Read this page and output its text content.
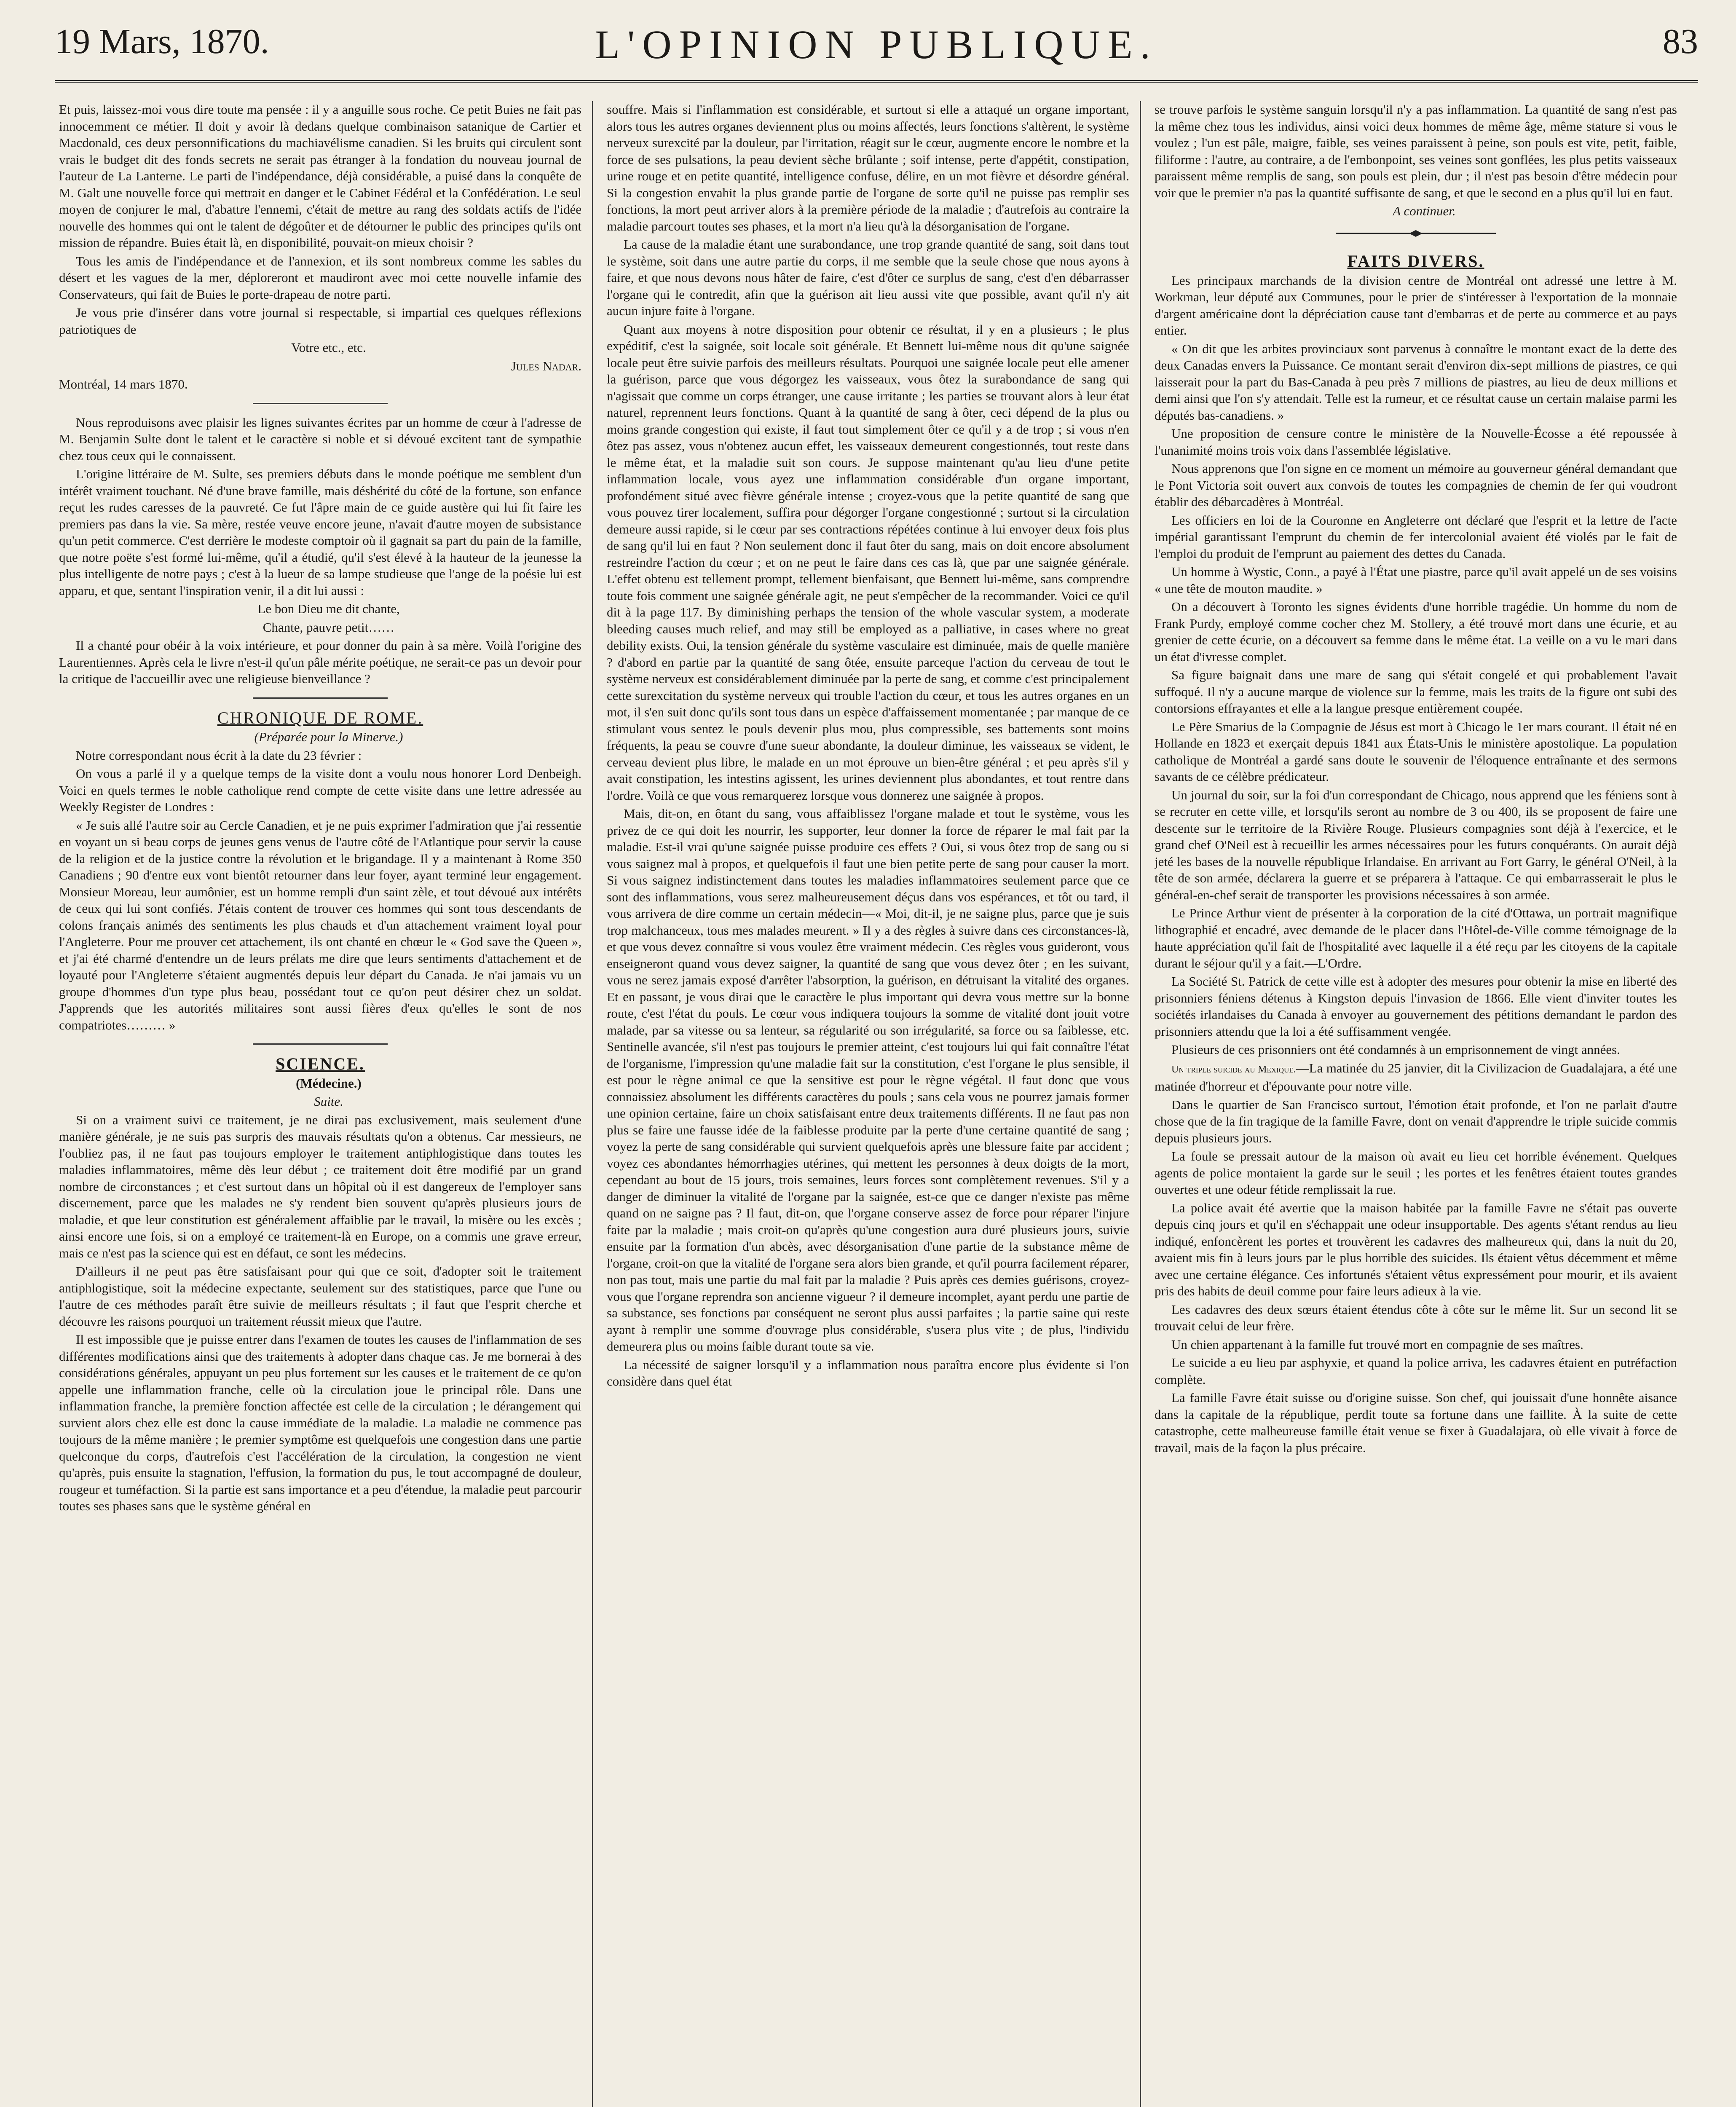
19 Mars, 1870.	L'OPINION PUBLIQUE.	83

Et puis, laissez-moi vous dire toute ma pensée : il y a anguille sous roche. Ce petit Buies ne fait pas innocemment ce métier. Il doit y avoir là dedans quelque combinaison satanique de Cartier et Macdonald, ces deux personnifications du machiavélisme canadien. Si les bruits qui circulent sont vrais le budget dit des fonds secrets ne serait pas étranger à la fondation du nouveau journal de l'auteur de La Lanterne. Le parti de l'indépendance, déjà considérable, a puisé dans la conquête de M. Galt une nouvelle force qui mettrait en danger et le Cabinet Fédéral et la Confédération. Le seul moyen de conjurer le mal, d'abattre l'ennemi, c'était de mettre au rang des soldats actifs de l'idée nouvelle des hommes qui ont le talent de dégoûter et de détourner le public des principes qu'ils ont mission de répandre. Buies était là, en disponibilité, pouvait-on mieux choisir ?

Tous les amis de l'indépendance et de l'annexion, et ils sont nombreux comme les sables du désert et les vagues de la mer, déploreront et maudiront avec moi cette nouvelle infamie des Conservateurs, qui fait de Buies le porte-drapeau de notre parti.

Je vous prie d'insérer dans votre journal si respectable, si impartial ces quelques réflexions patriotiques de

Votre etc., etc.

Jules Nadar.

Montréal, 14 mars 1870.

Nous reproduisons avec plaisir les lignes suivantes écrites par un homme de cœur à l'adresse de M. Benjamin Sulte dont le talent et le caractère si noble et si dévoué excitent tant de sympathie chez tous ceux qui le connaissent.

L'origine littéraire de M. Sulte, ses premiers débuts dans le monde poétique me semblent d'un intérêt vraiment touchant. Né d'une brave famille, mais déshérité du côté de la fortune, son enfance reçut les rudes caresses de la pauvreté. Ce fut l'âpre main de ce guide austère qui lui fit faire les premiers pas dans la vie. Sa mère, restée veuve encore jeune, n'avait d'autre moyen de subsistance qu'un petit commerce. C'est derrière le modeste comptoir où il gagnait sa part du pain de la famille, que notre poëte s'est formé lui-même, qu'il a étudié, qu'il s'est élevé à la hauteur de la jeunesse la plus intelligente de notre pays ; c'est à la lueur de sa lampe studieuse que l'ange de la poésie lui est apparu, et que, sentant l'inspiration venir, il a dit lui aussi :

Le bon Dieu me dit chante,

Chante, pauvre petit……

Il a chanté pour obéir à la voix intérieure, et pour donner du pain à sa mère. Voilà l'origine des Laurentiennes. Après cela le livre n'est-il qu'un pâle mérite poétique, ne serait-ce pas un devoir pour la critique de l'accueillir avec une religieuse bienveillance ?

CHRONIQUE DE ROME.

(Préparée pour la Minerve.)

Notre correspondant nous écrit à la date du 23 février :

On vous a parlé il y a quelque temps de la visite dont a voulu nous honorer Lord Denbeigh. Voici en quels termes le noble catholique rend compte de cette visite dans une lettre adressée au Weekly Register de Londres :

« Je suis allé l'autre soir au Cercle Canadien, et je ne puis exprimer l'admiration que j'ai ressentie en voyant un si beau corps de jeunes gens venus de l'autre côté de l'Atlantique pour servir la cause de la religion et de la justice contre la révolution et le brigandage. Il y a maintenant à Rome 350 Canadiens ; 90 d'entre eux vont bientôt retourner dans leur foyer, ayant terminé leur engagement. Monsieur Moreau, leur aumônier, est un homme rempli d'un saint zèle, et tout dévoué aux intérêts de ceux qui lui sont confiés. J'étais content de trouver ces hommes qui sont tous descendants de colons français animés des sentiments les plus chauds et d'un attachement vraiment loyal pour l'Angleterre. Pour me prouver cet attachement, ils ont chanté en chœur le « God save the Queen », et j'ai été charmé d'entendre un de leurs prélats me dire que leurs sentiments d'attachement et de loyauté pour l'Angleterre s'étaient augmentés depuis leur départ du Canada. Je n'ai jamais vu un groupe d'hommes d'un type plus beau, possédant tout ce qu'on peut désirer chez un soldat. J'apprends que les autorités militaires sont aussi fières d'eux qu'elles le sont de nos compatriotes……… »

SCIENCE.

(Médecine.)

Suite.

Si on a vraiment suivi ce traitement, je ne dirai pas exclusivement, mais seulement d'une manière générale, je ne suis pas surpris des mauvais résultats qu'on a obtenus. Car messieurs, ne l'oubliez pas, il ne faut pas toujours employer le traitement antiphlogistique dans toutes les maladies inflammatoires, même dès leur début ; ce traitement doit être modifié par un grand nombre de circonstances ; et c'est surtout dans un hôpital où il est dangereux de l'employer sans discernement, parce que les malades ne s'y rendent bien souvent qu'après plusieurs jours de maladie, et que leur constitution est généralement affaiblie par le travail, la misère ou les excès ; ainsi encore une fois, si on a employé ce traitement-là en Europe, on a commis une grave erreur, mais ce n'est pas la science qui est en défaut, ce sont les médecins.

D'ailleurs il ne peut pas être satisfaisant pour qui que ce soit, d'adopter soit le traitement antiphlogistique, soit la médecine expectante, seulement sur des statistiques, parce que l'une ou l'autre de ces méthodes paraît être suivie de meilleurs résultats ; il faut que l'esprit cherche et découvre les raisons pourquoi un traitement réussit mieux que l'autre.

Il est impossible que je puisse entrer dans l'examen de toutes les causes de l'inflammation de ses différentes modifications ainsi que des traitements à adopter dans chaque cas. Je me bornerai à des considérations générales, appuyant un peu plus fortement sur les causes et le traitement de ce qu'on appelle une inflammation franche, celle où la circulation joue le principal rôle. Dans une inflammation franche, la première fonction affectée est celle de la circulation ; le dérangement qui survient alors chez elle est donc la cause immédiate de la maladie. La maladie ne commence pas toujours de la même manière ; le premier symptôme est quelquefois une congestion dans une partie quelconque du corps, d'autrefois c'est l'accélération de la circulation, la congestion ne vient qu'après, puis ensuite la stagnation, l'effusion, la formation du pus, le tout accompagné de douleur, rougeur et tuméfaction. Si la partie est sans importance et a peu d'étendue, la maladie peut parcourir toutes ses phases sans que le système général en

souffre. Mais si l'inflammation est considérable, et surtout si elle a attaqué un organe important, alors tous les autres organes deviennent plus ou moins affectés, leurs fonctions s'altèrent, le système nerveux surexcité par la douleur, par l'irritation, réagit sur le cœur, augmente encore le nombre et la force de ses pulsations, la peau devient sèche brûlante ; soif intense, perte d'appétit, constipation, urine rouge et en petite quantité, intelligence confuse, délire, en un mot fièvre et désordre général. Si la congestion envahit la plus grande partie de l'organe de sorte qu'il ne puisse pas remplir ses fonctions, la mort peut arriver alors à la première période de la maladie ; d'autrefois au contraire la maladie parcourt toutes ses phases, et la mort n'a lieu qu'à la désorganisation de l'organe.

La cause de la maladie étant une surabondance, une trop grande quantité de sang, soit dans tout le système, soit dans une autre partie du corps, il me semble que la seule chose que nous ayons à faire, et que nous devons nous hâter de faire, c'est d'ôter ce surplus de sang, c'est d'en débarrasser l'organe qui le contredit, afin que la guérison ait lieu aussi vite que possible, avant qu'il n'y ait aucun injure faite à l'organe.

Quant aux moyens à notre disposition pour obtenir ce résultat, il y en a plusieurs ; le plus expéditif, c'est la saignée, soit locale soit générale. Et Bennett lui-même nous dit qu'une saignée locale peut être suivie parfois des meilleurs résultats. Pourquoi une saignée locale peut elle amener la guérison, parce que vous dégorgez les vaisseaux, vous ôtez la surabondance de sang qui n'agissait que comme un corps étranger, une cause irritante ; les parties se trouvant alors à leur état naturel, reprennent leurs fonctions. Quant à la quantité de sang à ôter, ceci dépend de la plus ou moins grande congestion qui existe, il faut tout simplement ôter ce qu'il y a de trop ; si vous n'en ôtez pas assez, vous n'obtenez aucun effet, les vaisseaux demeurent congestionnés, tout reste dans le même état, et la maladie suit son cours. Je suppose maintenant qu'au lieu d'une petite inflammation locale, vous ayez une inflammation considérable d'un organe important, profondément situé avec fièvre générale intense ; croyez-vous que la petite quantité de sang que vous pouvez tirer localement, suffira pour dégorger l'organe congestionné ; surtout si la circulation demeure aussi rapide, si le cœur par ses contractions répétées continue à lui envoyer deux fois plus de sang qu'il lui en faut ? Non seulement donc il faut ôter du sang, mais on doit encore absolument restreindre l'action du cœur ; et on ne peut le faire dans ces cas là, que par une saignée générale. L'effet obtenu est tellement prompt, tellement bienfaisant, que Bennett lui-même, sans comprendre toute fois comment une saignée générale agit, ne peut s'empêcher de la recommander. Voici ce qu'il dit à la page 117. By diminishing perhaps the tension of the whole vascular system, a moderate bleeding causes much relief, and may still be employed as a palliative, in cases where no great debility exists. Oui, la tension générale du système vasculaire est diminuée, mais de quelle manière ? d'abord en partie par la quantité de sang ôtée, ensuite parceque l'action du cerveau de tout le système nerveux est considérablement diminuée par la perte de sang, et comme c'est principalement cette surexcitation du système nerveux qui trouble l'action du cœur, et tous les autres organes en un mot, il s'en suit donc qu'ils sont tous dans un espèce d'affaissement momentanée ; par manque de ce stimulant vous sentez le pouls devenir plus mou, plus compressible, ses battements sont moins fréquents, la peau se couvre d'une sueur abondante, la douleur diminue, les vaisseaux se vident, le cerveau devient plus libre, le malade en un mot éprouve un bien-être général ; et peu après s'il y avait constipation, les intestins agissent, les urines deviennent plus abondantes, et tout rentre dans l'ordre. Voilà ce que vous remarquerez lorsque vous donnerez une saignée à propos.

Mais, dit-on, en ôtant du sang, vous affaiblissez l'organe malade et tout le système, vous les privez de ce qui doit les nourrir, les supporter, leur donner la force de réparer le mal fait par la maladie. Est-il vrai qu'une saignée puisse produire ces effets ? Oui, si vous ôtez trop de sang ou si vous saignez mal à propos, et quelquefois il faut une bien petite perte de sang pour causer la mort. Si vous saignez indistinctement dans toutes les maladies inflammatoires seulement parce que ce sont des inflammations, vous serez malheureusement déçus dans vos espérances, et tôt ou tard, il vous arrivera de dire comme un certain médecin—« Moi, dit-il, je ne saigne plus, parce que je suis trop malchanceux, tous mes malades meurent. » Il y a des règles à suivre dans ces circonstances-là, et que vous devez connaître si vous voulez être vraiment médecin. Ces règles vous guideront, vous enseigneront quand vous devez saigner, la quantité de sang que vous devez ôter ; en les suivant, vous ne serez jamais exposé d'arrêter l'absorption, la guérison, en détruisant la vitalité des organes. Et en passant, je vous dirai que le caractère le plus important qui devra vous mettre sur la bonne route, c'est l'état du pouls. Le cœur vous indiquera toujours la somme de vitalité dont jouit votre malade, par sa vitesse ou sa lenteur, sa régularité ou son irrégularité, sa force ou sa faiblesse, etc. Sentinelle avancée, s'il n'est pas toujours le premier atteint, c'est toujours lui qui fait connaître l'état de l'organisme, l'impression qu'une maladie fait sur la constitution, c'est l'organe le plus sensible, il est pour le règne animal ce que la sensitive est pour le règne végétal. Il faut donc que vous connaissiez absolument les différents caractères du pouls ; sans cela vous ne pourrez jamais former une opinion certaine, faire un choix satisfaisant entre deux traitements différents. Il ne faut pas non plus se faire une fausse idée de la faiblesse produite par la perte d'une certaine quantité de sang ; voyez la perte de sang considérable qui survient quelquefois après une blessure faite par accident ; voyez ces abondantes hémorrhagies utérines, qui mettent les personnes à deux doigts de la mort, cependant au bout de 15 jours, trois semaines, leurs forces sont complètement revenues. S'il y a danger de diminuer la vitalité de l'organe par la saignée, est-ce que ce danger n'existe pas même quand on ne saigne pas ? Il faut, dit-on, que l'organe conserve assez de force pour réparer l'injure faite par la maladie ; mais croit-on qu'après qu'une congestion aura duré plusieurs jours, suivie ensuite par la formation d'un abcès, avec désorganisation d'une partie de la substance même de l'organe, croit-on que la vitalité de l'organe sera alors bien grande, et qu'il pourra facilement réparer, non pas tout, mais une partie du mal fait par la maladie ? Puis après ces demies guérisons, croyez-vous que l'organe reprendra son ancienne vigueur ? il demeure incomplet, ayant perdu une partie de sa substance, ses fonctions par conséquent ne seront plus aussi parfaites ; la partie saine qui reste ayant à remplir une somme d'ouvrage plus considérable, s'usera plus vite ; de plus, l'individu demeurera plus ou moins faible durant toute sa vie.

La nécessité de saigner lorsqu'il y a inflammation nous paraîtra encore plus évidente si l'on considère dans quel état

se trouve parfois le système sanguin lorsqu'il n'y a pas inflammation. La quantité de sang n'est pas la même chez tous les individus, ainsi voici deux hommes de même âge, même stature si vous le voulez ; l'un est pâle, maigre, faible, ses veines paraissent à peine, son pouls est vite, petit, faible, filiforme : l'autre, au contraire, a de l'embonpoint, ses veines sont gonflées, les plus petits vaisseaux paraissent même remplis de sang, son pouls est plein, dur ; il n'est pas besoin d'être médecin pour voir que le premier n'a pas la quantité suffisante de sang, et que le second en a plus qu'il lui en faut.

A continuer.

FAITS DIVERS.

Les principaux marchands de la division centre de Montréal ont adressé une lettre à M. Workman, leur député aux Communes, pour le prier de s'intéresser à l'exportation de la monnaie d'argent américaine dont la dépréciation cause tant d'embarras et de perte au commerce et au pays entier.

« On dit que les arbites provinciaux sont parvenus à connaître le montant exact de la dette des deux Canadas envers la Puissance. Ce montant serait d'environ dix-sept millions de piastres, ce qui laisserait pour la part du Bas-Canada à peu près 7 millions de piastres, au lieu de deux millions et demi ainsi que l'on s'y attendait. Telle est la rumeur, et ce résultat cause un certain malaise parmi les députés bas-canadiens. »

Une proposition de censure contre le ministère de la Nouvelle-Écosse a été repoussée à l'unanimité moins trois voix dans l'assemblée législative.

Nous apprenons que l'on signe en ce moment un mémoire au gouverneur général demandant que le Pont Victoria soit ouvert aux convois de toutes les compagnies de chemin de fer qui voudront établir des débarcadères à Montréal.

Les officiers en loi de la Couronne en Angleterre ont déclaré que l'esprit et la lettre de l'acte impérial garantissant l'emprunt du chemin de fer intercolonial avaient été violés par le fait de l'emploi du produit de l'emprunt au paiement des dettes du Canada.

Un homme à Wystic, Conn., a payé à l'État une piastre, parce qu'il avait appelé un de ses voisins « une tête de mouton maudite. »

On a découvert à Toronto les signes évidents d'une horrible tragédie. Un homme du nom de Frank Purdy, employé comme cocher chez M. Stollery, a été trouvé mort dans une écurie, et au grenier de cette écurie, on a découvert sa femme dans le même état. La veille on a vu le mari dans un état d'ivresse complet.

Sa figure baignait dans une mare de sang qui s'était congelé et qui probablement l'avait suffoqué. Il n'y a aucune marque de violence sur la femme, mais les traits de la figure ont subi des contorsions effrayantes et elle a la langue presque entièrement coupée.

Le Père Smarius de la Compagnie de Jésus est mort à Chicago le 1er mars courant. Il était né en Hollande en 1823 et exerçait depuis 1841 aux États-Unis le ministère apostolique. La population catholique de Montréal a gardé sans doute le souvenir de l'éloquence entraînante et des sermons savants de ce célèbre prédicateur.

Un journal du soir, sur la foi d'un correspondant de Chicago, nous apprend que les féniens sont à se recruter en cette ville, et lorsqu'ils seront au nombre de 3 ou 400, ils se proposent de faire une descente sur le territoire de la Rivière Rouge. Plusieurs compagnies sont déjà à l'exercice, et le grand chef O'Neil est à recueillir les armes nécessaires pour les futurs conquérants. On aurait déjà jeté les bases de la nouvelle république Irlandaise. En arrivant au Fort Garry, le général O'Neil, à la tête de son armée, déclarera la guerre et se préparera à l'attaque. Ce qui embarrasserait le plus le général-en-chef serait de transporter les provisions nécessaires à son armée.

Le Prince Arthur vient de présenter à la corporation de la cité d'Ottawa, un portrait magnifique lithographié et encadré, avec demande de le placer dans l'Hôtel-de-Ville comme témoignage de la haute appréciation qu'il fait de l'hospitalité avec laquelle il a été reçu par les citoyens de la capitale durant le séjour qu'il y a fait.—L'Ordre.

La Société St. Patrick de cette ville est à adopter des mesures pour obtenir la mise en liberté des prisonniers féniens détenus à Kingston depuis l'invasion de 1866. Elle vient d'inviter toutes les sociétés irlandaises du Canada à envoyer au gouvernement des pétitions demandant le pardon des prisonniers attendu que la loi a été suffisamment vengée.

Plusieurs de ces prisonniers ont été condamnés à un emprisonnement de vingt années.

Un triple suicide au Mexique.—La matinée du 25 janvier, dit la Civilizacion de Guadalajara, a été une matinée d'horreur et d'épouvante pour notre ville.

Dans le quartier de San Francisco surtout, l'émotion était profonde, et l'on ne parlait d'autre chose que de la fin tragique de la famille Favre, dont on venait d'apprendre le triple suicide commis depuis plusieurs jours.

La foule se pressait autour de la maison où avait eu lieu cet horrible événement. Quelques agents de police montaient la garde sur le seuil ; les portes et les fenêtres étaient toutes grandes ouvertes et une odeur fétide remplissait la rue.

La police avait été avertie que la maison habitée par la famille Favre ne s'était pas ouverte depuis cinq jours et qu'il en s'échappait une odeur insupportable. Des agents s'étant rendus au lieu indiqué, enfoncèrent les portes et trouvèrent les cadavres des malheureux qui, dans la nuit du 20, avaient mis fin à leurs jours par le plus horrible des suicides. Ils étaient vêtus décemment et même avec une certaine élégance. Ces infortunés s'étaient vêtus expressément pour mourir, et ils avaient pris des habits de deuil comme pour faire leurs adieux à la vie.

Les cadavres des deux sœurs étaient étendus côte à côte sur le même lit. Sur un second lit se trouvait celui de leur frère.

Un chien appartenant à la famille fut trouvé mort en compagnie de ses maîtres.

Le suicide a eu lieu par asphyxie, et quand la police arriva, les cadavres étaient en putréfaction complète.

La famille Favre était suisse ou d'origine suisse. Son chef, qui jouissait d'une honnête aisance dans la capitale de la république, perdit toute sa fortune dans une faillite. À la suite de cette catastrophe, cette malheureuse famille était venue se fixer à Guadalajara, où elle vivait à force de travail, mais de la façon la plus précaire.
